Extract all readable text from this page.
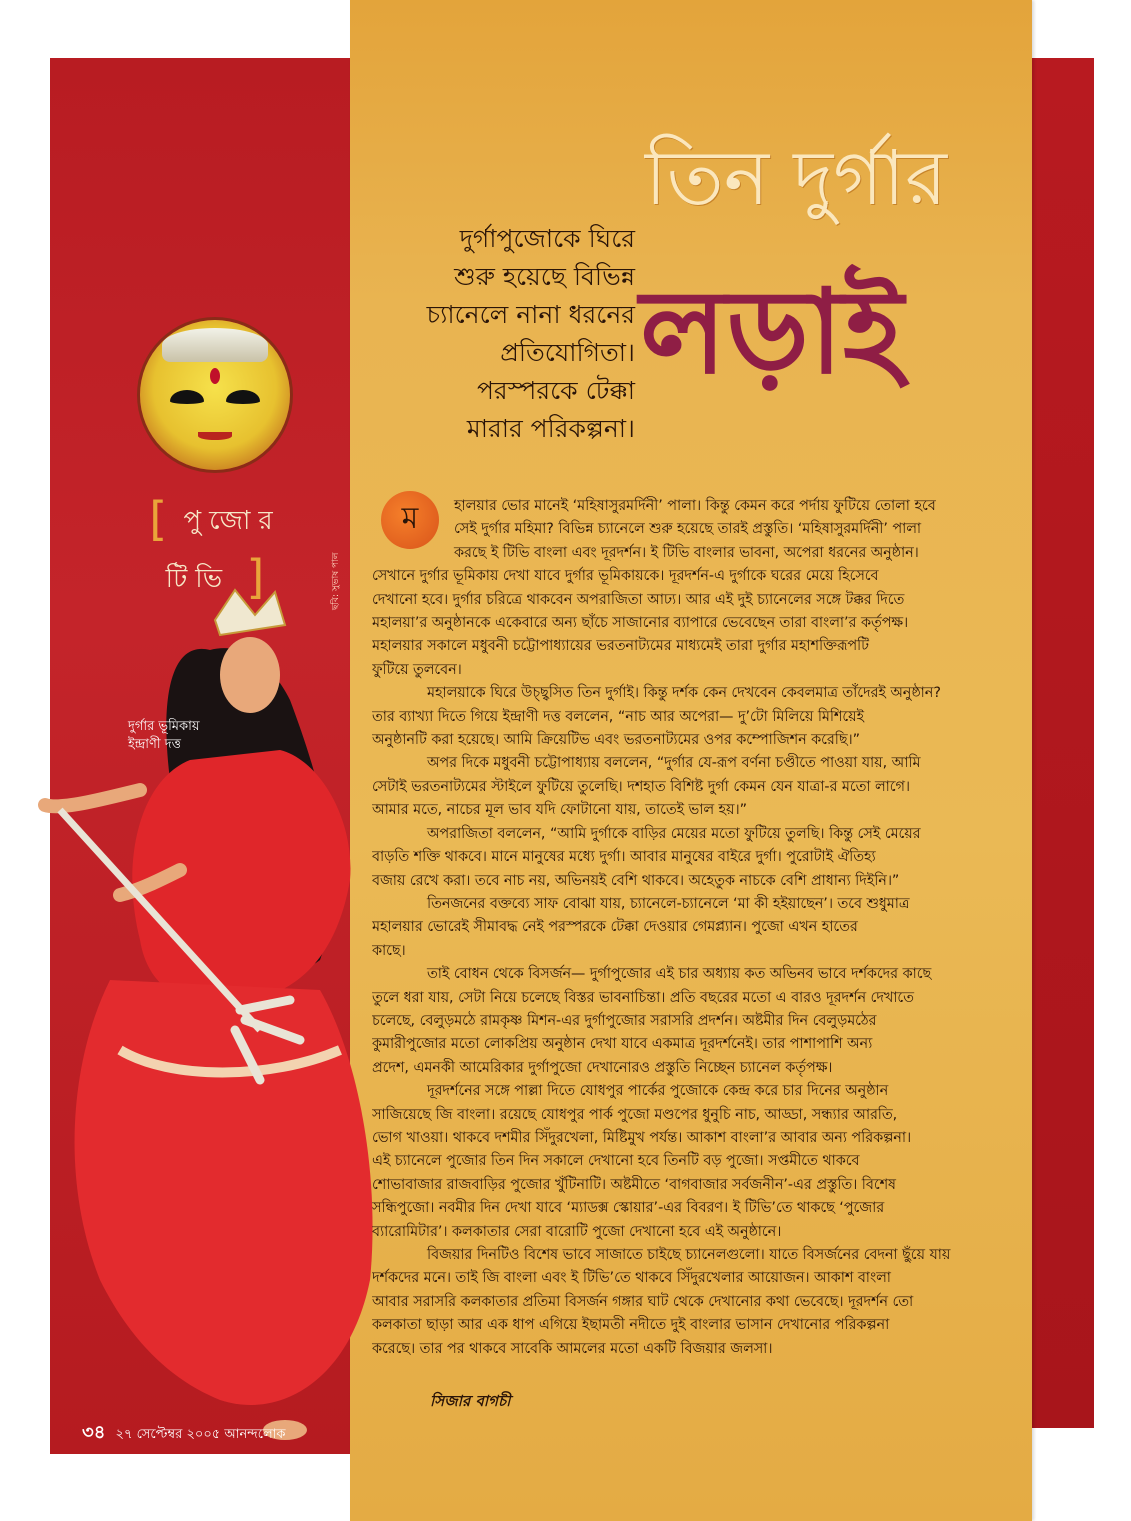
তিন দুর্গার
লড়াই
দুর্গাপুজোকে ঘিরে
শুরু হয়েছে বিভিন্ন
চ্যানেলে নানা ধরনের
প্রতিযোগিতা।
পরস্পরকে টেক্কা
মারার পরিকল্পনা।
[ পুজোর টিভি ]
দুর্গার ভূমিকায়
ইন্দ্রাণী দত্ত
ছবি: সুভাষ পাল
৩৪ ২৭ সেপ্টেম্বর ২০০৫ আনন্দলোক
ম	হালয়ার ভোর মানেই ‘মহিষাসুরমর্দিনী’ পালা। কিন্তু কেমন করে পর্দায় ফুটিয়ে তোলা হবে
সেই দুর্গার মহিমা? বিভিন্ন চ্যানেলে শুরু হয়েছে তারই প্রস্তুতি। ‘মহিষাসুরমর্দিনী’ পালা
করছে ই টিভি বাংলা এবং দূরদর্শন। ই টিভি বাংলার ভাবনা, অপেরা ধরনের অনুষ্ঠান।
সেখানে দুর্গার ভূমিকায় দেখা যাবে দুর্গার ভূমিকায়কে। দূরদর্শন-এ দুর্গাকে ঘরের মেয়ে হিসেবে
দেখানো হবে। দুর্গার চরিত্রে থাকবেন অপরাজিতা আঢ্য। আর এই দুই চ্যানেলের সঙ্গে টক্কর দিতে
মহালয়া’র অনুষ্ঠানকে একেবারে অন্য ছাঁচে সাজানোর ব্যাপারে ভেবেছেন তারা বাংলা’র কর্তৃপক্ষ।
মহালয়ার সকালে মধুবনী চট্টোপাধ্যায়ের ভরতনাট্যমের মাধ্যমেই তারা দুর্গার মহাশক্তিরূপটি
ফুটিয়ে তুলবেন।
মহালয়াকে ঘিরে উচ্ছ্বসিত তিন দুর্গাই। কিন্তু দর্শক কেন দেখবেন কেবলমাত্র তাঁদেরই অনুষ্ঠান?
তার ব্যাখ্যা দিতে গিয়ে ইন্দ্রাণী দত্ত বললেন, “নাচ আর অপেরা— দু’টো মিলিয়ে মিশিয়েই
অনুষ্ঠানটি করা হয়েছে। আমি ক্রিয়েটিভ এবং ভরতনাট্যমের ওপর কম্পোজিশন করেছি।”
অপর দিকে মধুবনী চট্টোপাধ্যায় বললেন, “দুর্গার যে-রূপ বর্ণনা চণ্ডীতে পাওয়া যায়, আমি
সেটাই ভরতনাট্যমের স্টাইলে ফুটিয়ে তুলেছি। দশহাত বিশিষ্ট দুর্গা কেমন যেন যাত্রা-র মতো লাগে।
আমার মতে, নাচের মূল ভাব যদি ফোটানো যায়, তাতেই ভাল হয়।”
অপরাজিতা বললেন, “আমি দুর্গাকে বাড়ির মেয়ের মতো ফুটিয়ে তুলছি। কিন্তু সেই মেয়ের
বাড়তি শক্তি থাকবে। মানে মানুষের মধ্যে দুর্গা। আবার মানুষের বাইরে দুর্গা। পুরোটাই ঐতিহ্য
বজায় রেখে করা। তবে নাচ নয়, অভিনয়ই বেশি থাকবে। অহেতুক নাচকে বেশি প্রাধান্য দিইনি।”
তিনজনের বক্তব্যে সাফ বোঝা যায়, চ্যানেলে-চ্যানেলে ‘মা কী হইয়াছেন’। তবে শুধুমাত্র
মহালয়ার ভোরেই সীমাবদ্ধ নেই পরস্পরকে টেক্কা দেওয়ার গেমপ্ল্যান। পুজো এখন হাতের
কাছে।
তাই বোধন থেকে বিসর্জন— দুর্গাপুজোর এই চার অধ্যায় কত অভিনব ভাবে দর্শকদের কাছে
তুলে ধরা যায়, সেটা নিয়ে চলেছে বিস্তর ভাবনাচিন্তা। প্রতি বছরের মতো এ বারও দূরদর্শন দেখাতে
চলেছে, বেলুড়মঠে রামকৃষ্ণ মিশন-এর দুর্গাপুজোর সরাসরি প্রদর্শন। অষ্টমীর দিন বেলুড়মঠের
কুমারীপুজোর মতো লোকপ্রিয় অনুষ্ঠান দেখা যাবে একমাত্র দূরদর্শনেই। তার পাশাপাশি অন্য
প্রদেশ, এমনকী আমেরিকার দুর্গাপুজো দেখানোরও প্রস্তুতি নিচ্ছেন চ্যানেল কর্তৃপক্ষ।
দূরদর্শনের সঙ্গে পাল্লা দিতে যোধপুর পার্কের পুজোকে কেন্দ্র করে চার দিনের অনুষ্ঠান
সাজিয়েছে জি বাংলা। রয়েছে যোধপুর পার্ক পুজো মণ্ডপের ধুনুচি নাচ, আড্ডা, সন্ধ্যার আরতি,
ভোগ খাওয়া। থাকবে দশমীর সিঁদুরখেলা, মিষ্টিমুখ পর্যন্ত। আকাশ বাংলা’র আবার অন্য পরিকল্পনা।
এই চ্যানেলে পুজোর তিন দিন সকালে দেখানো হবে তিনটি বড় পুজো। সপ্তমীতে থাকবে
শোভাবাজার রাজবাড়ির পুজোর খুঁটিনাটি। অষ্টমীতে ‘বাগবাজার সর্বজনীন’-এর প্রস্তুতি। বিশেষ
সন্ধিপুজো। নবমীর দিন দেখা যাবে ‘ম্যাডক্স স্কোয়ার’-এর বিবরণ। ই টিভি’তে থাকছে ‘পুজোর
ব্যারোমিটার’। কলকাতার সেরা বারোটি পুজো দেখানো হবে এই অনুষ্ঠানে।
বিজয়ার দিনটিও বিশেষ ভাবে সাজাতে চাইছে চ্যানেলগুলো। যাতে বিসর্জনের বেদনা ছুঁয়ে যায়
দর্শকদের মনে। তাই জি বাংলা এবং ই টিভি’তে থাকবে সিঁদুরখেলার আয়োজন। আকাশ বাংলা
আবার সরাসরি কলকাতার প্রতিমা বিসর্জন গঙ্গার ঘাট থেকে দেখানোর কথা ভেবেছে। দূরদর্শন তো
কলকাতা ছাড়া আর এক ধাপ এগিয়ে ইছামতী নদীতে দুই বাংলার ভাসান দেখানোর পরিকল্পনা
করেছে। তার পর থাকবে সাবেকি আমলের মতো একটি বিজয়ার জলসা।
সিজার বাগচী
